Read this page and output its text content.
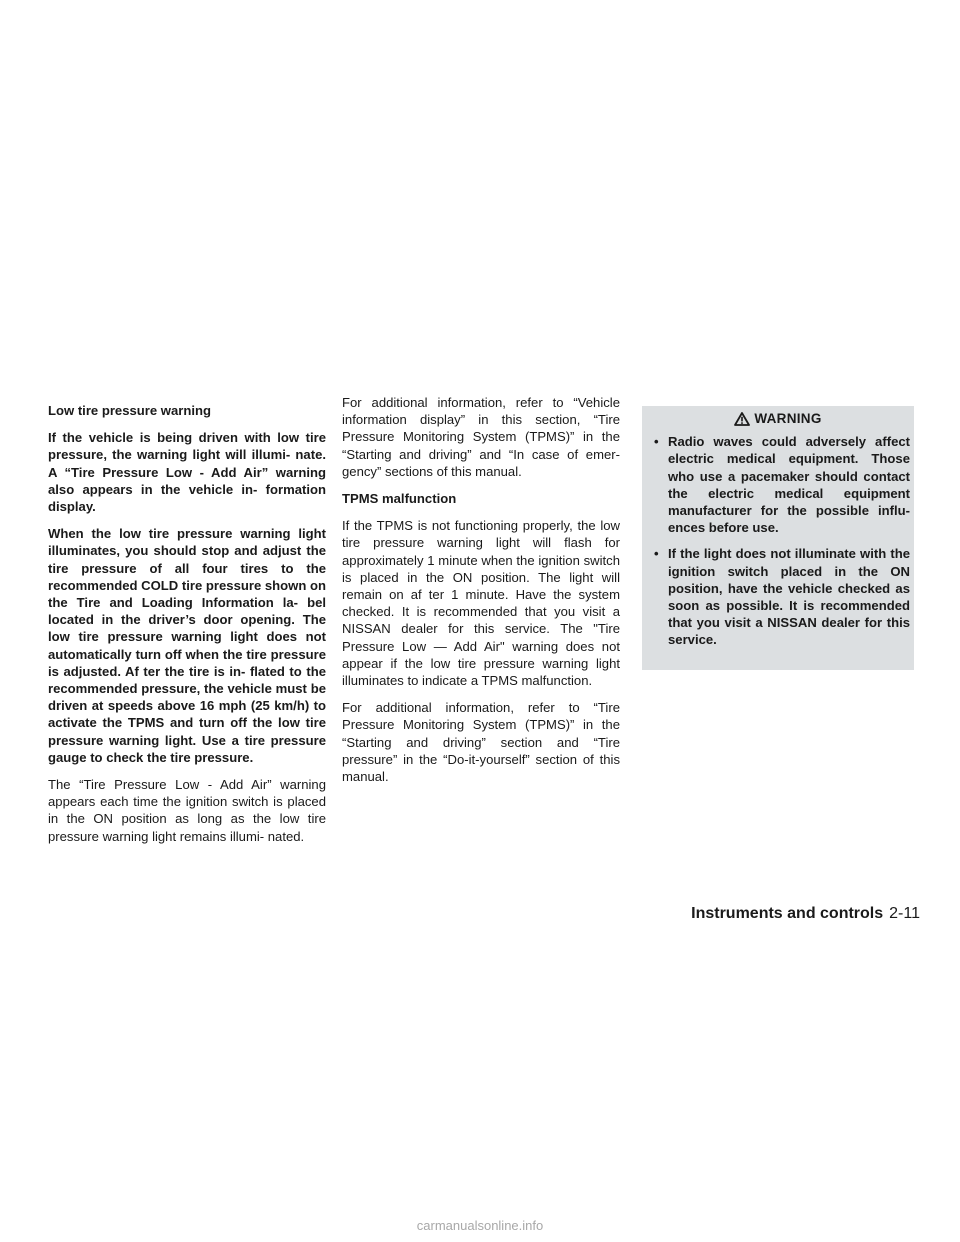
Low tire pressure warning

If the vehicle is being driven with low tire pressure, the warning light will illumi- nate. A “Tire Pressure Low - Add Air” warning also appears in the vehicle in- formation display.

When the low tire pressure warning light illuminates, you should stop and adjust the tire pressure of all four tires to the recommended COLD tire pressure shown on the Tire and Loading Information la- bel located in the driver’s door opening. The low tire pressure warning light does not automatically turn off when the tire pressure is adjusted. Af ter the tire is in- flated to the recommended pressure, the vehicle must be driven at speeds above 16 mph (25 km/h) to activate the TPMS and turn off the low tire pressure warning light. Use a tire pressure gauge to check the tire pressure.

The “Tire Pressure Low - Add Air” warning appears each time the ignition switch is placed in the ON position as long as the low tire pressure warning light remains illumi- nated.

For additional information, refer to “Vehicle information display” in this section, “Tire Pressure Monitoring System (TPMS)” in the “Starting and driving” and “In case of emer- gency” sections of this manual.

TPMS malfunction

If the TPMS is not functioning properly, the low tire pressure warning light will flash for approximately 1 minute when the ignition switch is placed in the ON position. The light will remain on af ter 1 minute. Have the system checked. It is recommended that you visit a NISSAN dealer for this service. The "Tire Pressure Low — Add Air" warning does not appear if the low tire pressure warning light illuminates to indicate a TPMS malfunction.

For additional information, refer to “Tire Pressure Monitoring System (TPMS)” in the “Starting and driving” section and “Tire pressure” in the “Do-it-yourself” section of this manual.

WARNING
• Radio waves could adversely affect electric medical equipment. Those who use a pacemaker should contact the electric medical equipment manufacturer for the possible influ- ences before use.
• If the light does not illuminate with the ignition switch placed in the ON position, have the vehicle checked as soon as possible. It is recommended that you visit a NISSAN dealer for this service.
Instruments and controls 2-11
carmanualsonline.info
